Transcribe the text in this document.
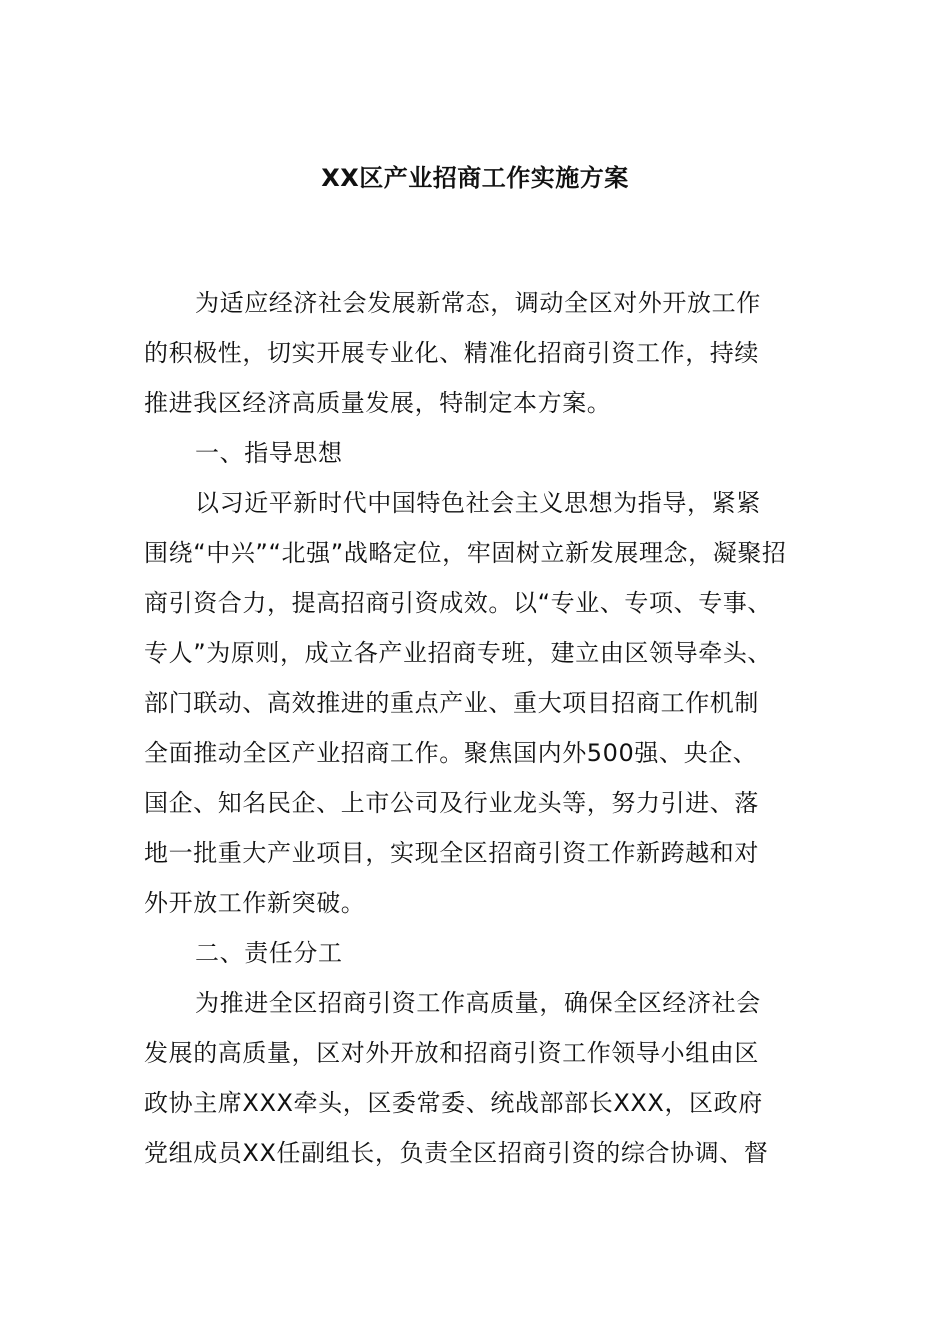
XX区产业招商工作实施方案
为适应经济社会发展新常态，调动全区对外开放工作
的积极性，切实开展专业化、精准化招商引资工作，持续
推进我区经济高质量发展，特制定本方案。
一、指导思想
以习近平新时代中国特色社会主义思想为指导，紧紧
围绕“中兴”“北强”战略定位，牢固树立新发展理念，凝聚招
商引资合力，提高招商引资成效。以“专业、专项、专事、
专人”为原则，成立各产业招商专班，建立由区领导牵头、
部门联动、高效推进的重点产业、重大项目招商工作机制
全面推动全区产业招商工作。聚焦国内外500强、央企、
国企、知名民企、上市公司及行业龙头等，努力引进、落
地一批重大产业项目，实现全区招商引资工作新跨越和对
外开放工作新突破。
二、责任分工
为推进全区招商引资工作高质量，确保全区经济社会
发展的高质量，区对外开放和招商引资工作领导小组由区
政协主席XXX牵头，区委常委、统战部部长XXX，区政府
党组成员XX任副组长，负责全区招商引资的综合协调、督
